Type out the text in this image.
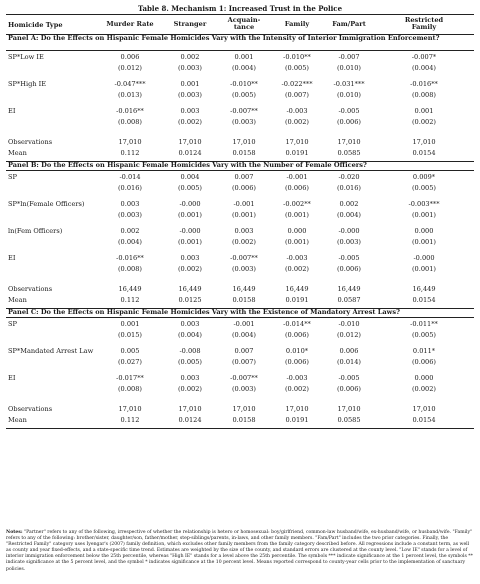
Table 8. Mechanism 1: Increased Trust in the Police
Homicide Type	Murder Rate	Stranger	Acquain-
tance	Family	Fam/Part	Restricted
Family
Panel A: Do the Effects on Hispanic Female Homicides Vary with the Intensity of Interior Immigration Enforcement?
SP*Low IE	0.006	0.002	0.001	-0.010**	-0.007	-0.007*
(0.012)	(0.003)	(0.004)	(0.005)	(0.010)	(0.004)
SP*High IE	-0.047***	0.001	-0.010**	-0.022***	-0.031***	-0.016**
(0.013)	(0.003)	(0.005)	(0.007)	(0.010)	(0.008)
EI	-0.016**	0.003	-0.007**	-0.003	-0.005	0.001
(0.008)	(0.002)	(0.003)	(0.002)	(0.006)	(0.002)
Observations	17,010	17,010	17,010	17,010	17,010	17,010
Mean	0.112	0.0124	0.0158	0.0191	0.0585	0.0154
Panel B: Do the Effects on Hispanic Female Homicides Vary with the Number of Female Officers?
SP	-0.014	0.004	0.007	-0.001	-0.020	0.009*
(0.016)	(0.005)	(0.006)	(0.006)	(0.016)	(0.005)
SP*ln(Female Officers)	0.003	-0.000	-0.001	-0.002**	0.002	-0.003***
(0.003)	(0.001)	(0.001)	(0.001)	(0.004)	(0.001)
ln(Fem Officers)	0.002	-0.000	0.003	0.000	-0.000	0.000
(0.004)	(0.001)	(0.002)	(0.001)	(0.003)	(0.001)
EI	-0.016**	0.003	-0.007**	-0.003	-0.005	-0.000
(0.008)	(0.002)	(0.003)	(0.002)	(0.006)	(0.001)
Observations	16,449	16,449	16,449	16,449	16,449	16,449
Mean	0.112	0.0125	0.0158	0.0191	0.0587	0.0154
Panel C: Do the Effects on Hispanic Female Homicides Vary with the Existence of Mandatory Arrest Laws?
SP	0.001	0.003	-0.001	-0.014**	-0.010	-0.011**
(0.015)	(0.004)	(0.004)	(0.006)	(0.012)	(0.005)
SP*Mandated Arrest Law	0.005	-0.008	0.007	0.010*	0.006	0.011*
(0.027)	(0.005)	(0.007)	(0.006)	(0.014)	(0.006)
EI	-0.017**	0.003	-0.007**	-0.003	-0.005	0.000
(0.008)	(0.002)	(0.003)	(0.002)	(0.006)	(0.002)
Observations	17,010	17,010	17,010	17,010	17,010	17,010
Mean	0.112	0.0124	0.0158	0.0191	0.0585	0.0154
Notes: "Partner" refers to any of the following, irrespective of whether the relationship is hetero or homosexual: boy/girlfriend, common-law husband/wife, ex-husband/wife, or husband/wife. "Family" refers to any of the following: brother/sister, daughter/son, father/mother, step-siblings/parents, in-laws, and other family members. "Fam/Part" includes the two prior categories. Finally, the "Restricted Family" category uses Iyengar's (2007) family definition, which excludes other family members from the family category described before. All regressions include a constant term, as well as county and year fixed-effects, and a state-specific time trend. Estimates are weighted by the size of the county, and standard errors are clustered at the county level. "Low IE" stands for a level of interior immigration enforcement below the 25th percentile, whereas "High IE" stands for a level above the 25th percentile. The symbols *** indicate significance at the 1 percent level, the symbols ** indicate significance at the 5 percent level, and the symbol * indicates significance at the 10 percent level. Means reported correspond to county-year cells prior to the implementation of sanctuary policies.
